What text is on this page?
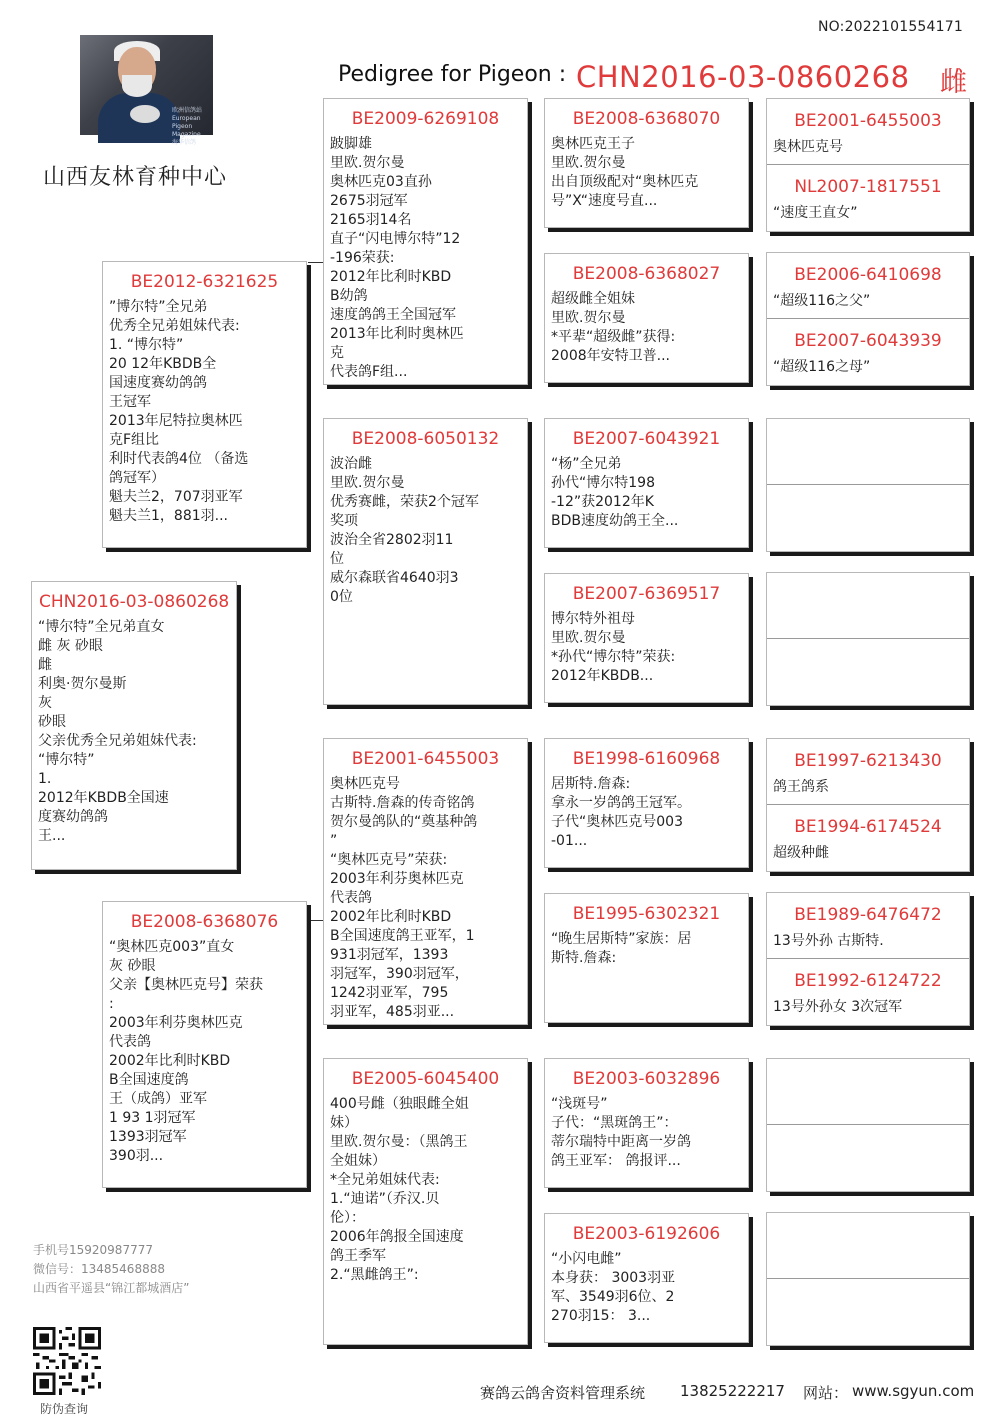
NO:2022101554171
欧洲信鸽站
European Pigeon
Magazine
海华信鸽
山西友林育种中心
Pedigree for Pigeon : CHN2016-03-0860268 雌
CHN2016-03-0860268
“博尔特”全兄弟直女
雌 灰 砂眼
雌
利奥·贺尔曼斯
灰
砂眼
父亲优秀全兄弟姐妹代表:
“博尔特”
1.
2012年KBDB全国速
度赛幼鸽鸽
王...
BE2012-6321625
”博尔特”全兄弟
优秀全兄弟姐妹代表:
1. “博尔特”
20 12年KBDB全
国速度赛幼鸽鸽
王冠军
2013年尼特拉奥林匹
克F组比
利时代表鸽4位 （备选
鸽冠军）
魁夫兰2，707羽亚军
魁夫兰1，881羽...
BE2008-6368076
“奥林匹克003”直女
灰 砂眼
父亲【奥林匹克号】荣获
:
2003年利芬奥林匹克
代表鸽
2002年比利时KBD
B全国速度鸽
王（成鸽）亚军
1 93 1羽冠军
1393羽冠军
390羽...
BE2009-6269108
跛脚雄
里欧.贺尔曼
奥林匹克03直孙
2675羽冠军
2165羽14名
直子“闪电博尔特”12
-196荣获:
2012年比利时KBD
B幼鸽
速度鸽鸽王全国冠军
2013年比利时奥林匹
克
代表鸽F组...
BE2008-6050132
波治雌
里欧.贺尔曼
优秀赛雌，荣获2个冠军
奖项
波治全省2802羽11
位
威尔森联省4640羽3
0位
BE2001-6455003
奥林匹克号
古斯特.詹森的传奇铭鸽
贺尔曼鸽队的“奠基种鸽
”
“奥林匹克号”荣获:
2003年利芬奥林匹克
代表鸽
2002年比利时KBD
B全国速度鸽王亚军，1
931羽冠军，1393
羽冠军，390羽冠军，
1242羽亚军，795
羽亚军，485羽亚...
BE2005-6045400
400号雌（独眼雌全姐
妹）
里欧.贺尔曼：（黑鸽王
全姐妹）
*全兄弟姐妹代表:
1.“迪诺”（乔汉.贝
伦）：
2006年鸽报全国速度
鸽王季军
2.“黑雌鸽王”:
BE2008-6368070
奥林匹克王子
里欧.贺尔曼
出自顶级配对“奥林匹克
号”X“速度号直...
BE2008-6368027
超级雌全姐妹
里欧.贺尔曼
*平辈“超级雌”获得:
2008年安特卫普...
BE2007-6043921
“杨”全兄弟
孙代“博尔特198
-12”获2012年K
BDB速度幼鸽王全...
BE2007-6369517
博尔特外祖母
里欧.贺尔曼
*孙代“博尔特”荣获:
2012年KBDB...
BE1998-6160968
居斯特.詹森:
拿永一岁鸽鸽王冠军。
子代“奥林匹克号003
-01...
BE1995-6302321
“晚生居斯特”家族：居
斯特.詹森:
BE2003-6032896
“浅斑号”
子代：“黑斑鸽王”：
蒂尔瑞特中距离一岁鸽
鸽王亚军： 鸽报评...
BE2003-6192606
“小闪电雌”
本身获： 3003羽亚
军、3549羽6位、2
270羽15： 3...
BE2001-6455003
奥林匹克号
NL2007-1817551
“速度王直女”
BE2006-6410698
“超级116之父”
BE2007-6043939
“超级116之母”
BE1997-6213430
鸽王鸽系
BE1994-6174524
超级种雌
BE1989-6476472
13号外孙 古斯特.
BE1992-6124722
13号外孙女 3次冠军
手机号15920987777
微信号：13485468888
山西省平遥县“锦江都城酒店”
防伪查询
赛鸽云鸽舍资料管理系统 13825222217 网站： www.sgyun.com
